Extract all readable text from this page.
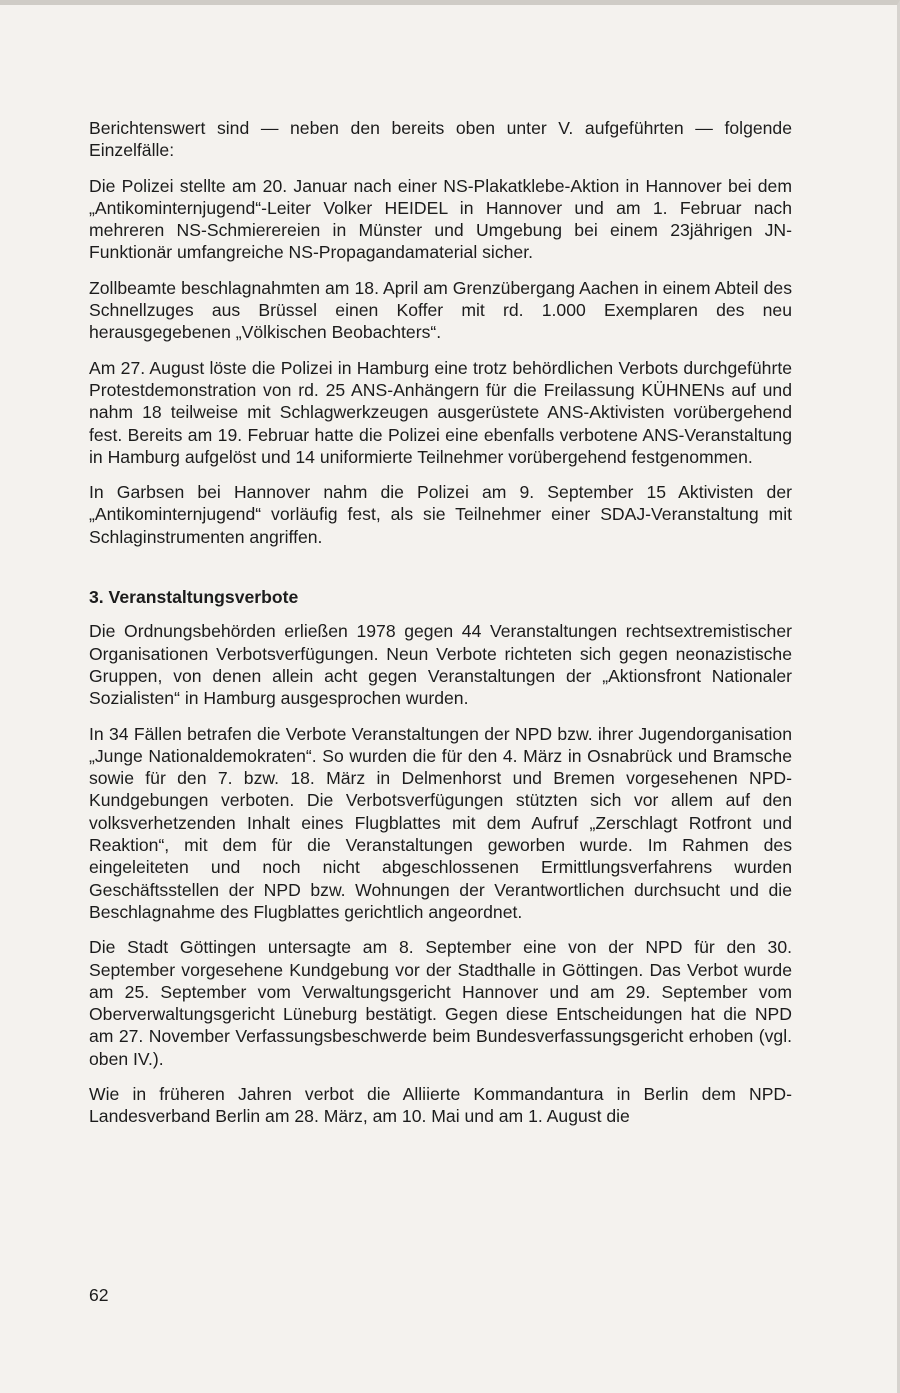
Berichtenswert sind — neben den bereits oben unter V. aufgeführten — folgende Einzelfälle:

Die Polizei stellte am 20. Januar nach einer NS-Plakatklebe-Aktion in Hannover bei dem „Antikominternjugend“-Leiter Volker HEIDEL in Hannover und am 1. Februar nach mehreren NS-Schmierereien in Münster und Umgebung bei einem 23jährigen JN-Funktionär umfangreiche NS-Propagandamaterial sicher.

Zollbeamte beschlagnahmten am 18. April am Grenzübergang Aachen in einem Abteil des Schnellzuges aus Brüssel einen Koffer mit rd. 1.000 Exemplaren des neu herausgegebenen „Völkischen Beobachters“.

Am 27. August löste die Polizei in Hamburg eine trotz behördlichen Verbots durchgeführte Protestdemonstration von rd. 25 ANS-Anhängern für die Freilassung KÜHNENs auf und nahm 18 teilweise mit Schlagwerkzeugen ausgerüstete ANS-Aktivisten vorübergehend fest. Bereits am 19. Februar hatte die Polizei eine ebenfalls verbotene ANS-Veranstaltung in Hamburg aufgelöst und 14 uniformierte Teilnehmer vorübergehend festgenommen.

In Garbsen bei Hannover nahm die Polizei am 9. September 15 Aktivisten der „Antikominternjugend“ vorläufig fest, als sie Teilnehmer einer SDAJ-Veranstaltung mit Schlaginstrumenten angriffen.

3. Veranstaltungsverbote

Die Ordnungsbehörden erließen 1978 gegen 44 Veranstaltungen rechtsextremistischer Organisationen Verbotsverfügungen. Neun Verbote richteten sich gegen neonazistische Gruppen, von denen allein acht gegen Veranstaltungen der „Aktionsfront Nationaler Sozialisten“ in Hamburg ausgesprochen wurden.

In 34 Fällen betrafen die Verbote Veranstaltungen der NPD bzw. ihrer Jugendorganisation „Junge Nationaldemokraten“. So wurden die für den 4. März in Osnabrück und Bramsche sowie für den 7. bzw. 18. März in Delmenhorst und Bremen vorgesehenen NPD-Kundgebungen verboten. Die Verbotsverfügungen stützten sich vor allem auf den volksverhetzenden Inhalt eines Flugblattes mit dem Aufruf „Zerschlagt Rotfront und Reaktion“, mit dem für die Veranstaltungen geworben wurde. Im Rahmen des eingeleiteten und noch nicht abgeschlossenen Ermittlungsverfahrens wurden Geschäftsstellen der NPD bzw. Wohnungen der Verantwortlichen durchsucht und die Beschlagnahme des Flugblattes gerichtlich angeordnet.

Die Stadt Göttingen untersagte am 8. September eine von der NPD für den 30. September vorgesehene Kundgebung vor der Stadthalle in Göttingen. Das Verbot wurde am 25. September vom Verwaltungsgericht Hannover und am 29. September vom Oberverwaltungsgericht Lüneburg bestätigt. Gegen diese Entscheidungen hat die NPD am 27. November Verfassungsbeschwerde beim Bundesverfassungsgericht erhoben (vgl. oben IV.).

Wie in früheren Jahren verbot die Alliierte Kommandantura in Berlin dem NPD-Landesverband Berlin am 28. März, am 10. Mai und am 1. August die

62
